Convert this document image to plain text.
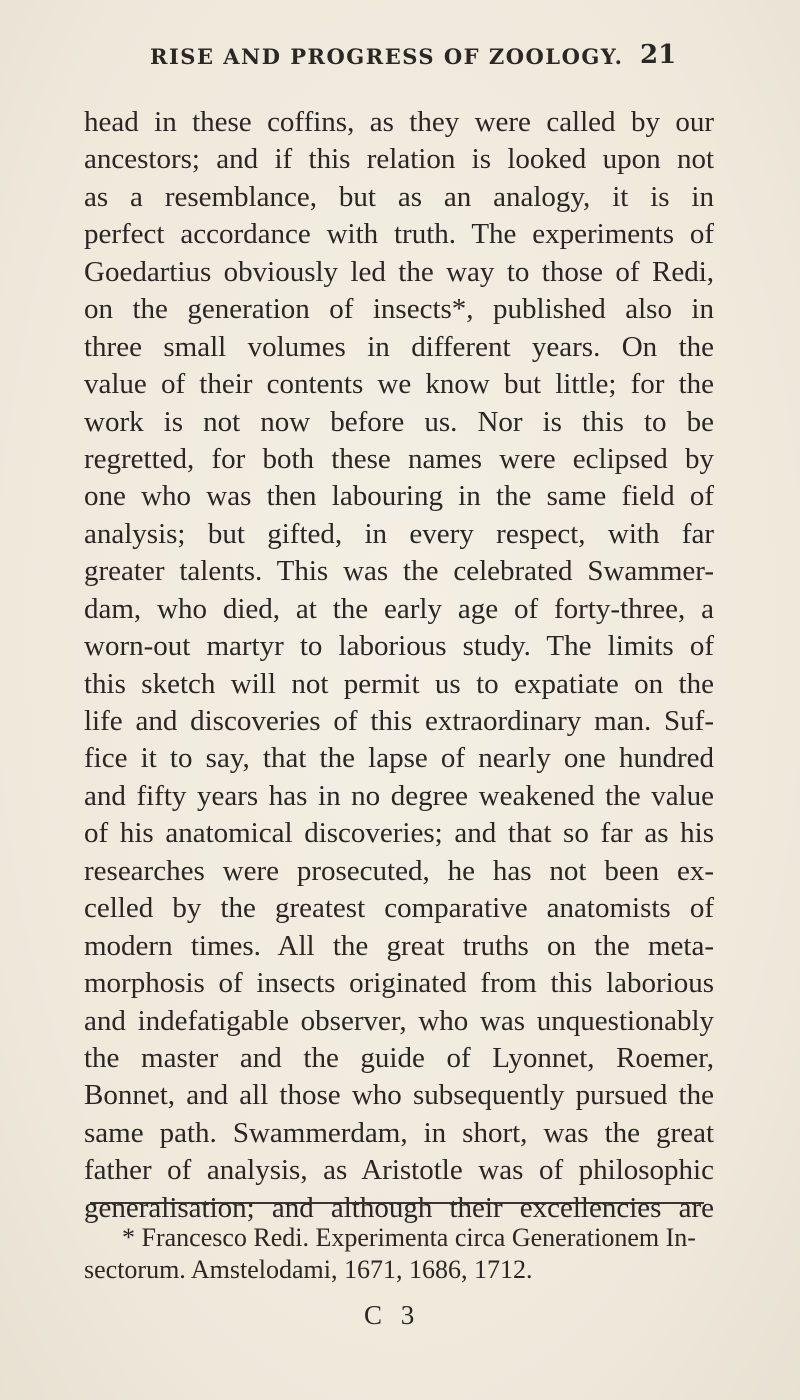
RISE AND PROGRESS OF ZOOLOGY. 21
head in these coffins, as they were called by our
ancestors; and if this relation is looked upon not
as a resemblance, but as an analogy, it is in
perfect accordance with truth. The experiments of
Goedartius obviously led the way to those of Redi,
on the generation of insects*, published also in
three small volumes in different years. On the
value of their contents we know but little; for the
work is not now before us. Nor is this to be
regretted, for both these names were eclipsed by
one who was then labouring in the same field of
analysis; but gifted, in every respect, with far
greater talents. This was the celebrated Swammer-
dam, who died, at the early age of forty-three, a
worn-out martyr to laborious study. The limits of
this sketch will not permit us to expatiate on the
life and discoveries of this extraordinary man. Suf-
fice it to say, that the lapse of nearly one hundred
and fifty years has in no degree weakened the value
of his anatomical discoveries; and that so far as his
researches were prosecuted, he has not been ex-
celled by the greatest comparative anatomists of
modern times. All the great truths on the meta-
morphosis of insects originated from this laborious
and indefatigable observer, who was unquestionably
the master and the guide of Lyonnet, Roemer,
Bonnet, and all those who subsequently pursued the
same path. Swammerdam, in short, was the great
father of analysis, as Aristotle was of philosophic
generalisation; and although their excellencies are
* Francesco Redi. Experimenta circa Generationem In-
sectorum. Amstelodami, 1671, 1686, 1712.
C 3
